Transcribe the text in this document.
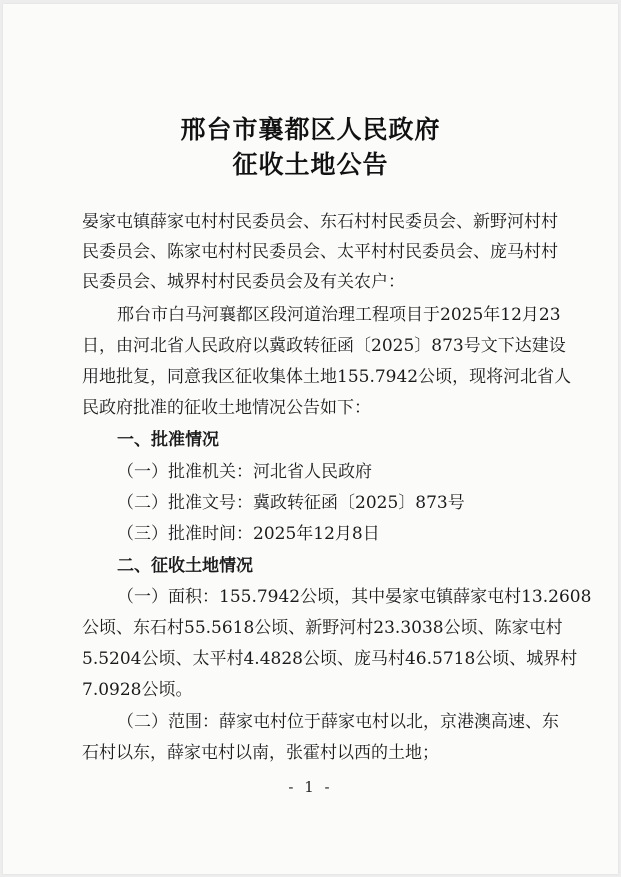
邢台市襄都区人民政府
征收土地公告
晏家屯镇薛家屯村村民委员会、东石村村民委员会、新野河村村
民委员会、陈家屯村村民委员会、太平村村民委员会、庞马村村
民委员会、城界村村民委员会及有关农户：
邢台市白马河襄都区段河道治理工程项目于2025年12月23
日，由河北省人民政府以冀政转征函〔2025〕873号文下达建设
用地批复，同意我区征收集体土地155.7942公顷，现将河北省人
民政府批准的征收土地情况公告如下：
一、批准情况
（一）批准机关：河北省人民政府
（二）批准文号：冀政转征函〔2025〕873号
（三）批准时间：2025年12月8日
二、征收土地情况
（一）面积：155.7942公顷，其中晏家屯镇薛家屯村13.2608
公顷、东石村55.5618公顷、新野河村23.3038公顷、陈家屯村
5.5204公顷、太平村4.4828公顷、庞马村46.5718公顷、城界村
7.0928公顷。
（二）范围：薛家屯村位于薛家屯村以北，京港澳高速、东
石村以东，薛家屯村以南，张霍村以西的土地；
- 1 -
